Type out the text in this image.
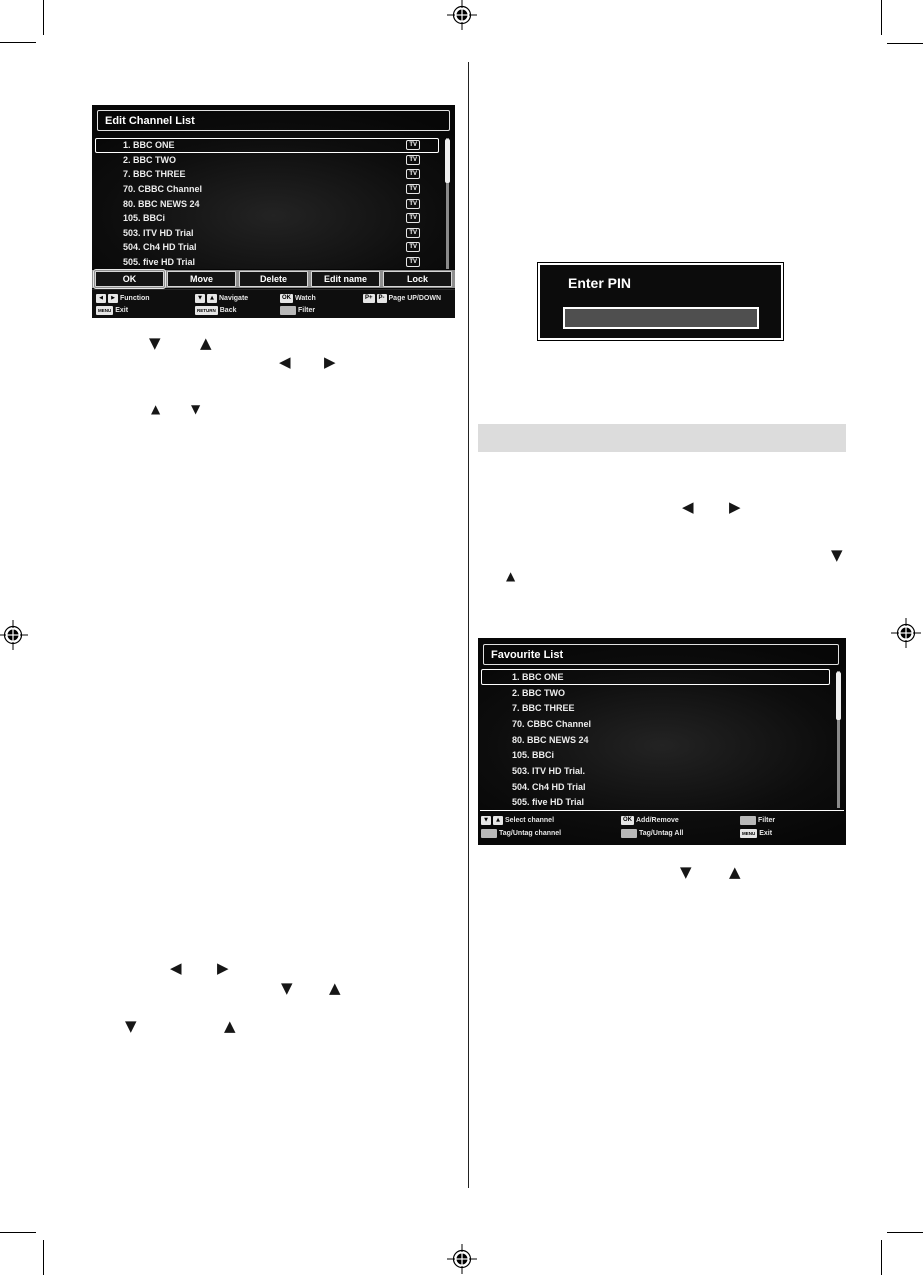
Edit Channel List
1. BBC ONE	TV
2. BBC TWO	TV
7. BBC THREE	TV
70. CBBC Channel	TV
80. BBC NEWS 24	TV
105. BBCi	TV
503. ITV HD Trial	TV
504. Ch4 HD Trial	TV
505. five HD Trial	TV
OK	Move	Delete	Edit name	Lock
◀	▶ Function	▼	▲ Navigate	OK Watch	P+	P- Page UP/DOWN
MENU Exit	RETURN Back	Filter
Enter PIN
Favourite List
1. BBC ONE
2. BBC TWO
7. BBC THREE
70. CBBC Channel
80. BBC NEWS 24
105. BBCi
503. ITV HD Trial.
504. Ch4 HD Trial
505. five HD Trial
▼	▲ Select channel	OK Add/Remove	Filter
Tag/Untag channel	Tag/Untag All	MENU Exit
▼	▲
◀ ▶
▲	▼
◀ ▶
▼
▲
▼ ▲
◀ ▶
▼ ▲
▼	▲
